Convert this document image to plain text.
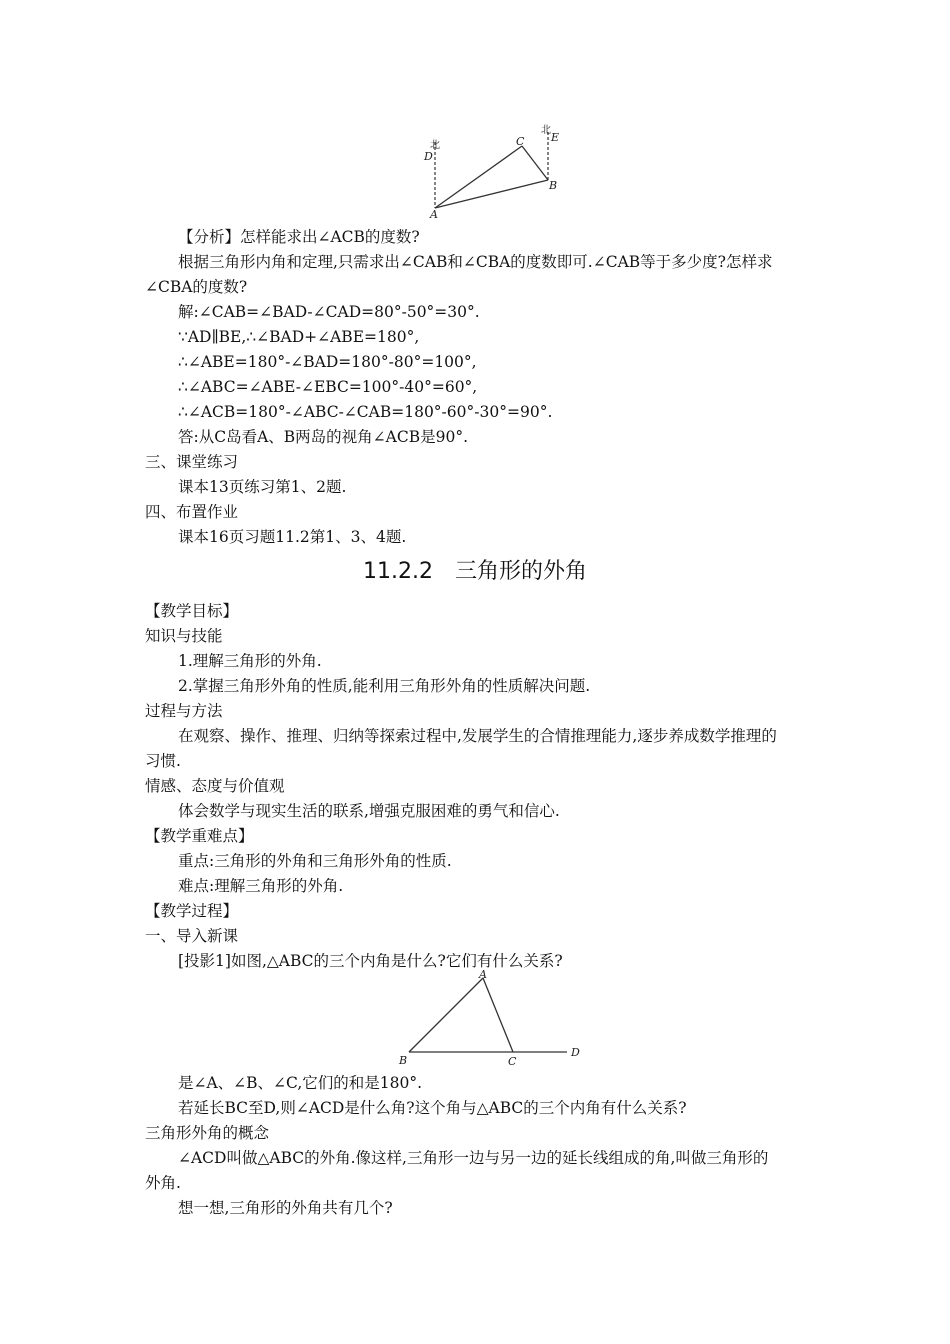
北
北
D
C E
B
A
【分析】怎样能求出∠ACB的度数?
根据三角形内角和定理,只需求出∠CAB和∠CBA的度数即可.∠CAB等于多少度?怎样求
∠CBA的度数?
解:∠CAB=∠BAD-∠CAD=80°-50°=30°.
∵AD∥BE,∴∠BAD+∠ABE=180°,
∴∠ABE=180°-∠BAD=180°-80°=100°,
∴∠ABC=∠ABE-∠EBC=100°-40°=60°,
∴∠ACB=180°-∠ABC-∠CAB=180°-60°-30°=90°.
答:从C岛看A、B两岛的视角∠ACB是90°.
三、课堂练习
课本13页练习第1、2题.
四、布置作业
课本16页习题11.2第1、3、4题.
11.2.2　三角形的外角
【教学目标】
知识与技能
1.理解三角形的外角.
2.掌握三角形外角的性质,能利用三角形外角的性质解决问题.
过程与方法
在观察、操作、推理、归纳等探索过程中,发展学生的合情推理能力,逐步养成数学推理的
习惯.
情感、态度与价值观
体会数学与现实生活的联系,增强克服困难的勇气和信心.
【教学重难点】
重点:三角形的外角和三角形外角的性质.
难点:理解三角形的外角.
【教学过程】
一、导入新课
[投影1]如图,△ABC的三个内角是什么?它们有什么关系?
A
B	C
D
是∠A、∠B、∠C,它们的和是180°.
若延长BC至D,则∠ACD是什么角?这个角与△ABC的三个内角有什么关系?
三角形外角的概念
∠ACD叫做△ABC的外角.像这样,三角形一边与另一边的延长线组成的角,叫做三角形的
外角.
想一想,三角形的外角共有几个?
